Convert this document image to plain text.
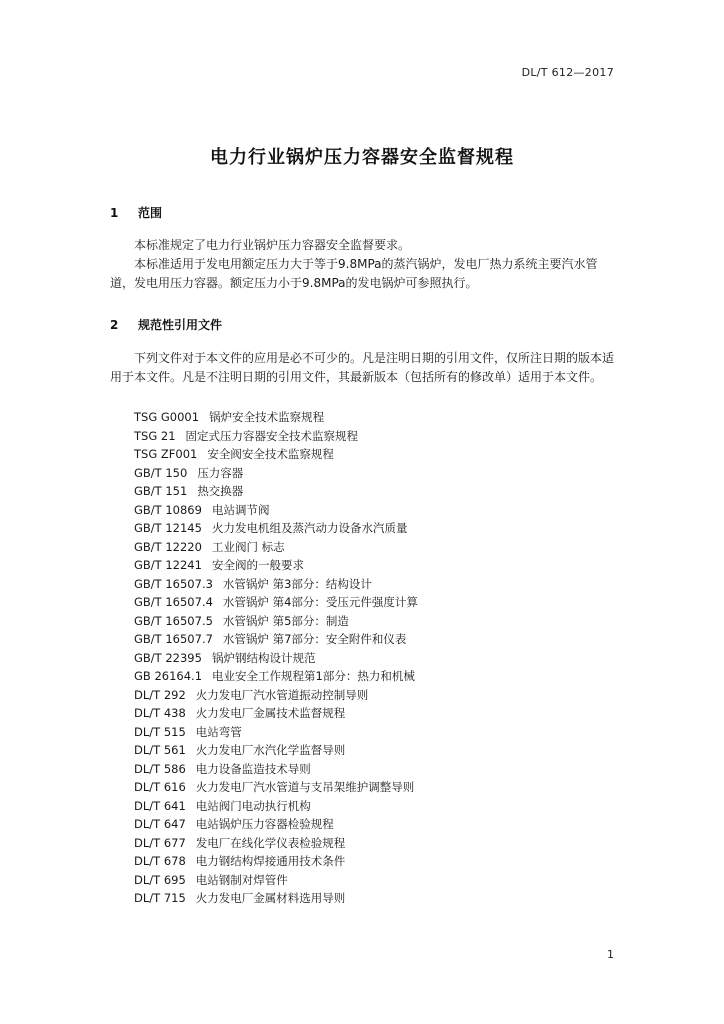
DL/T 612—2017
电力行业锅炉压力容器安全监督规程
1 范围

本标准规定了电力行业锅炉压力容器安全监督要求。

本标准适用于发电用额定压力大于等于9.8MPa的蒸汽锅炉，发电厂热力系统主要汽水管道，发电用压力容器。额定压力小于9.8MPa的发电锅炉可参照执行。

2 规范性引用文件

下列文件对于本文件的应用是必不可少的。凡是注明日期的引用文件，仅所注日期的版本适用于本文件。凡是不注明日期的引用文件，其最新版本（包括所有的修改单）适用于本文件。

TSG G0001 锅炉安全技术监察规程
TSG 21 固定式压力容器安全技术监察规程
TSG ZF001 安全阀安全技术监察规程
GB/T 150 压力容器
GB/T 151 热交换器
GB/T 10869 电站调节阀
GB/T 12145 火力发电机组及蒸汽动力设备水汽质量
GB/T 12220 工业阀门 标志
GB/T 12241 安全阀的一般要求
GB/T 16507.3 水管锅炉 第3部分：结构设计
GB/T 16507.4 水管锅炉 第4部分：受压元件强度计算
GB/T 16507.5 水管锅炉 第5部分：制造
GB/T 16507.7 水管锅炉 第7部分：安全附件和仪表
GB/T 22395 锅炉钢结构设计规范
GB 26164.1 电业安全工作规程第1部分：热力和机械
DL/T 292 火力发电厂汽水管道振动控制导则
DL/T 438 火力发电厂金属技术监督规程
DL/T 515 电站弯管
DL/T 561 火力发电厂水汽化学监督导则
DL/T 586 电力设备监造技术导则
DL/T 616 火力发电厂汽水管道与支吊架维护调整导则
DL/T 641 电站阀门电动执行机构
DL/T 647 电站锅炉压力容器检验规程
DL/T 677 发电厂在线化学仪表检验规程
DL/T 678 电力钢结构焊接通用技术条件
DL/T 695 电站钢制对焊管件
DL/T 715 火力发电厂金属材料选用导则
1
